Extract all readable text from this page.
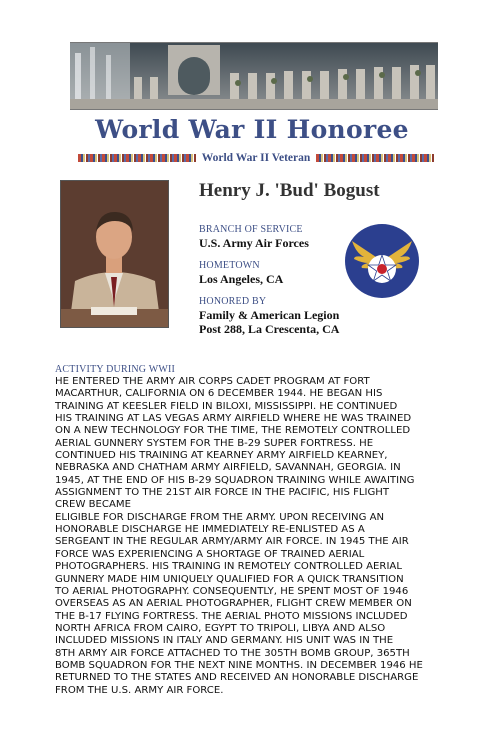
World War II Honoree
World War II Veteran
Henry J. 'Bud' Bogust
BRANCH OF SERVICE
U.S. Army Air Forces
HOMETOWN
Los Angeles, CA
HONORED BY
Family & American Legion
Post 288, La Crescenta, CA
ACTIVITY DURING WWII

HE ENTERED THE ARMY AIR CORPS CADET PROGRAM AT FORT
MACARTHUR, CALIFORNIA ON 6 DECEMBER 1944. HE BEGAN HIS
TRAINING AT KEESLER FIELD IN BILOXI, MISSISSIPPI. HE CONTINUED
HIS TRAINING AT LAS VEGAS ARMY AIRFIELD WHERE HE WAS TRAINED
ON A NEW TECHNOLOGY FOR THE TIME, THE REMOTELY CONTROLLED
AERIAL GUNNERY SYSTEM FOR THE B-29 SUPER FORTRESS. HE
CONTINUED HIS TRAINING AT KEARNEY ARMY AIRFIELD KEARNEY,
NEBRASKA AND CHATHAM ARMY AIRFIELD, SAVANNAH, GEORGIA. IN
1945, AT THE END OF HIS B-29 SQUADRON TRAINING WHILE AWAITING
ASSIGNMENT TO THE 21ST AIR FORCE IN THE PACIFIC, HIS FLIGHT
CREW BECAME
ELIGIBLE FOR DISCHARGE FROM THE ARMY. UPON RECEIVING AN
HONORABLE DISCHARGE HE IMMEDIATELY RE-ENLISTED AS A
SERGEANT IN THE REGULAR ARMY/ARMY AIR FORCE. IN 1945 THE AIR
FORCE WAS EXPERIENCING A SHORTAGE OF TRAINED AERIAL
PHOTOGRAPHERS. HIS TRAINING IN REMOTELY CONTROLLED AERIAL
GUNNERY MADE HIM UNIQUELY QUALIFIED FOR A QUICK TRANSITION
TO AERIAL PHOTOGRAPHY. CONSEQUENTLY, HE SPENT MOST OF 1946
OVERSEAS AS AN AERIAL PHOTOGRAPHER, FLIGHT CREW MEMBER ON
THE B-17 FLYING FORTRESS. THE AERIAL PHOTO MISSIONS INCLUDED
NORTH AFRICA FROM CAIRO, EGYPT TO TRIPOLI, LIBYA AND ALSO
INCLUDED MISSIONS IN ITALY AND GERMANY. HIS UNIT WAS IN THE
8TH ARMY AIR FORCE ATTACHED TO THE 305TH BOMB GROUP, 365TH
BOMB SQUADRON FOR THE NEXT NINE MONTHS. IN DECEMBER 1946 HE
RETURNED TO THE STATES AND RECEIVED AN HONORABLE DISCHARGE
FROM THE U.S. ARMY AIR FORCE.
